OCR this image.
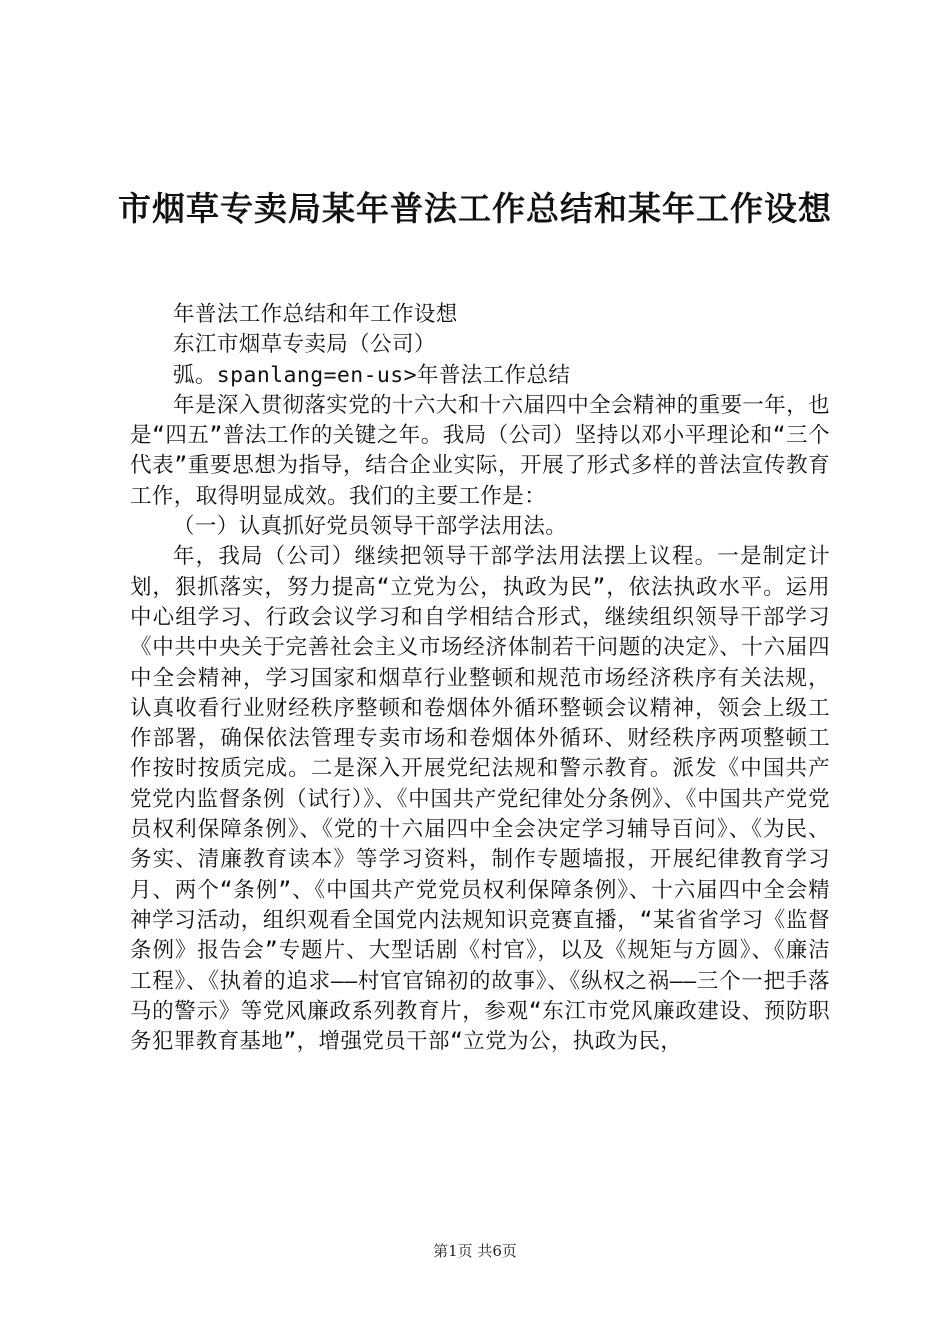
市烟草专卖局某年普法工作总结和某年工作设想

年普法工作总结和年工作设想

东江市烟草专卖局（公司）

弧。spanlang=en-us>年普法工作总结

年是深入贯彻落实党的十六大和十六届四中全会精神的重要一年，也是“四五”普法工作的关键之年。我局（公司）坚持以邓小平理论和“三个代表”重要思想为指导，结合企业实际，开展了形式多样的普法宣传教育工作，取得明显成效。我们的主要工作是：

（一）认真抓好党员领导干部学法用法。

年，我局（公司）继续把领导干部学法用法摆上议程。一是制定计划，狠抓落实，努力提高“立党为公，执政为民”，依法执政水平。运用中心组学习、行政会议学习和自学相结合形式，继续组织领导干部学习《中共中央关于完善社会主义市场经济体制若干问题的决定》、十六届四中全会精神，学习国家和烟草行业整顿和规范市场经济秩序有关法规，认真收看行业财经秩序整顿和卷烟体外循环整顿会议精神，领会上级工作部署，确保依法管理专卖市场和卷烟体外循环、财经秩序两项整顿工作按时按质完成。二是深入开展党纪法规和警示教育。派发《中国共产党党内监督条例（试行）》、《中国共产党纪律处分条例》、《中国共产党党员权利保障条例》、《党的十六届四中全会决定学习辅导百问》、《为民、务实、清廉教育读本》等学习资料，制作专题墙报，开展纪律教育学习月、两个“条例”、《中国共产党党员权利保障条例》、十六届四中全会精神学习活动，组织观看全国党内法规知识竞赛直播，“某省省学习《监督条例》报告会”专题片、大型话剧《村官》，以及《规矩与方圆》、《廉洁工程》、《执着的追求——村官官锦初的故事》、《纵权之祸——三个一把手落马的警示》等党风廉政系列教育片，参观“东江市党风廉政建设、预防职务犯罪教育基地”，增强党员干部“立党为公，执政为民，

第1页 共6页
